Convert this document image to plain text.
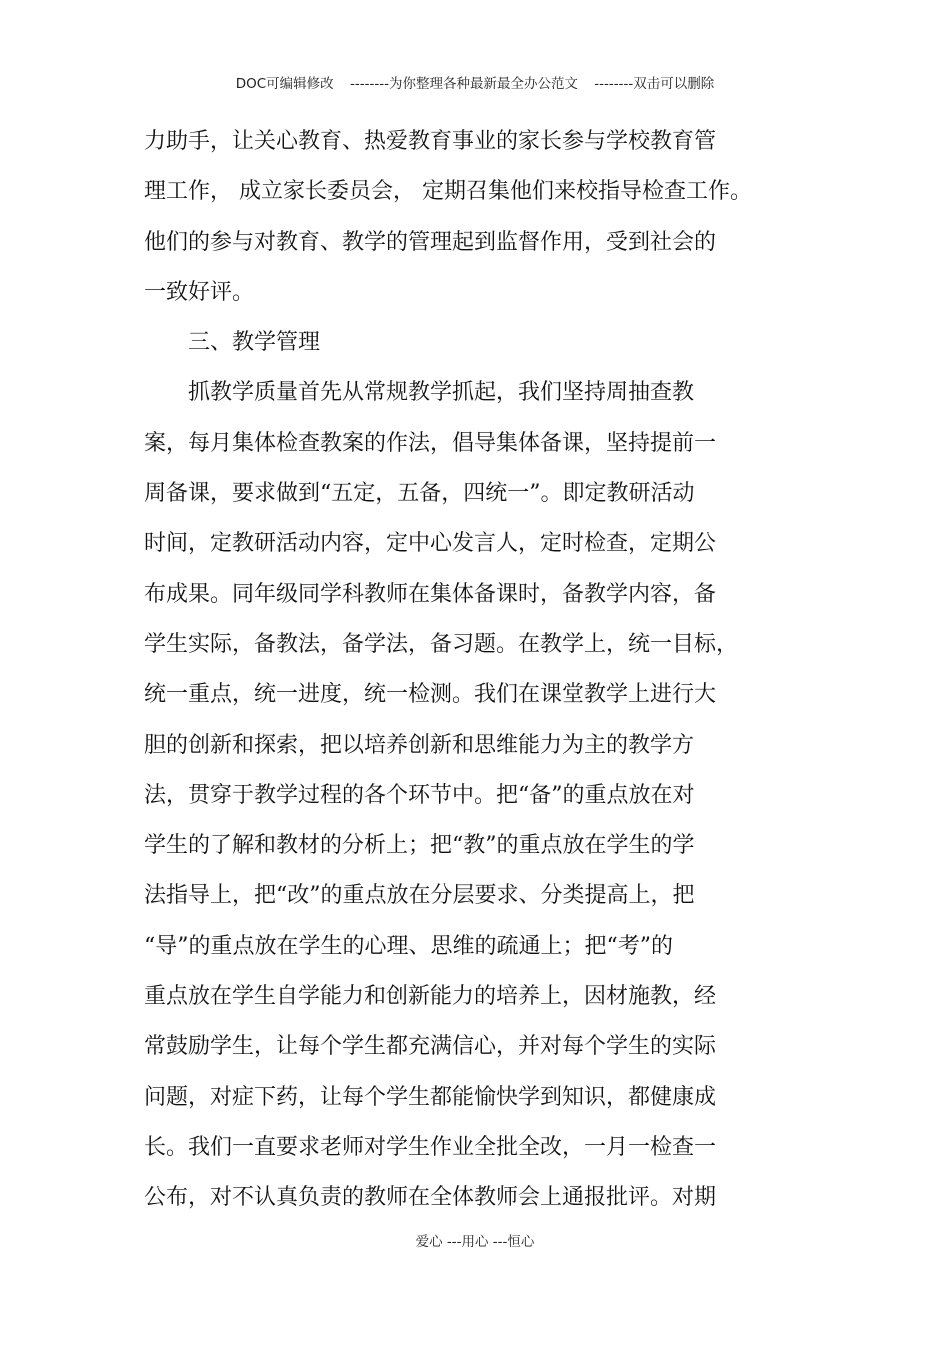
DOC可编辑修改 --------为你整理各种最新最全办公范文 --------双击可以删除
力助手，让关心教育、热爱教育事业的家长参与学校教育管
理工作， 成立家长委员会， 定期召集他们来校指导检查工作。
他们的参与对教育、教学的管理起到监督作用，受到社会的
一致好评。
　　三、教学管理
　　抓教学质量首先从常规教学抓起，我们坚持周抽查教
案，每月集体检查教案的作法，倡导集体备课，坚持提前一
周备课，要求做到“五定，五备，四统一”。即定教研活动
时间，定教研活动内容，定中心发言人，定时检查，定期公
布成果。同年级同学科教师在集体备课时，备教学内容，备
学生实际，备教法，备学法，备习题。在教学上，统一目标，
统一重点，统一进度，统一检测。我们在课堂教学上进行大
胆的创新和探索，把以培养创新和思维能力为主的教学方
法，贯穿于教学过程的各个环节中。把“备”的重点放在对
学生的了解和教材的分析上；把“教”的重点放在学生的学
法指导上，把“改”的重点放在分层要求、分类提高上，把
“导”的重点放在学生的心理、思维的疏通上；把“考”的
重点放在学生自学能力和创新能力的培养上，因材施教，经
常鼓励学生，让每个学生都充满信心，并对每个学生的实际
问题，对症下药，让每个学生都能愉快学到知识，都健康成
长。我们一直要求老师对学生作业全批全改，一月一检查一
公布，对不认真负责的教师在全体教师会上通报批评。对期
爱心 ---用心 ---恒心
